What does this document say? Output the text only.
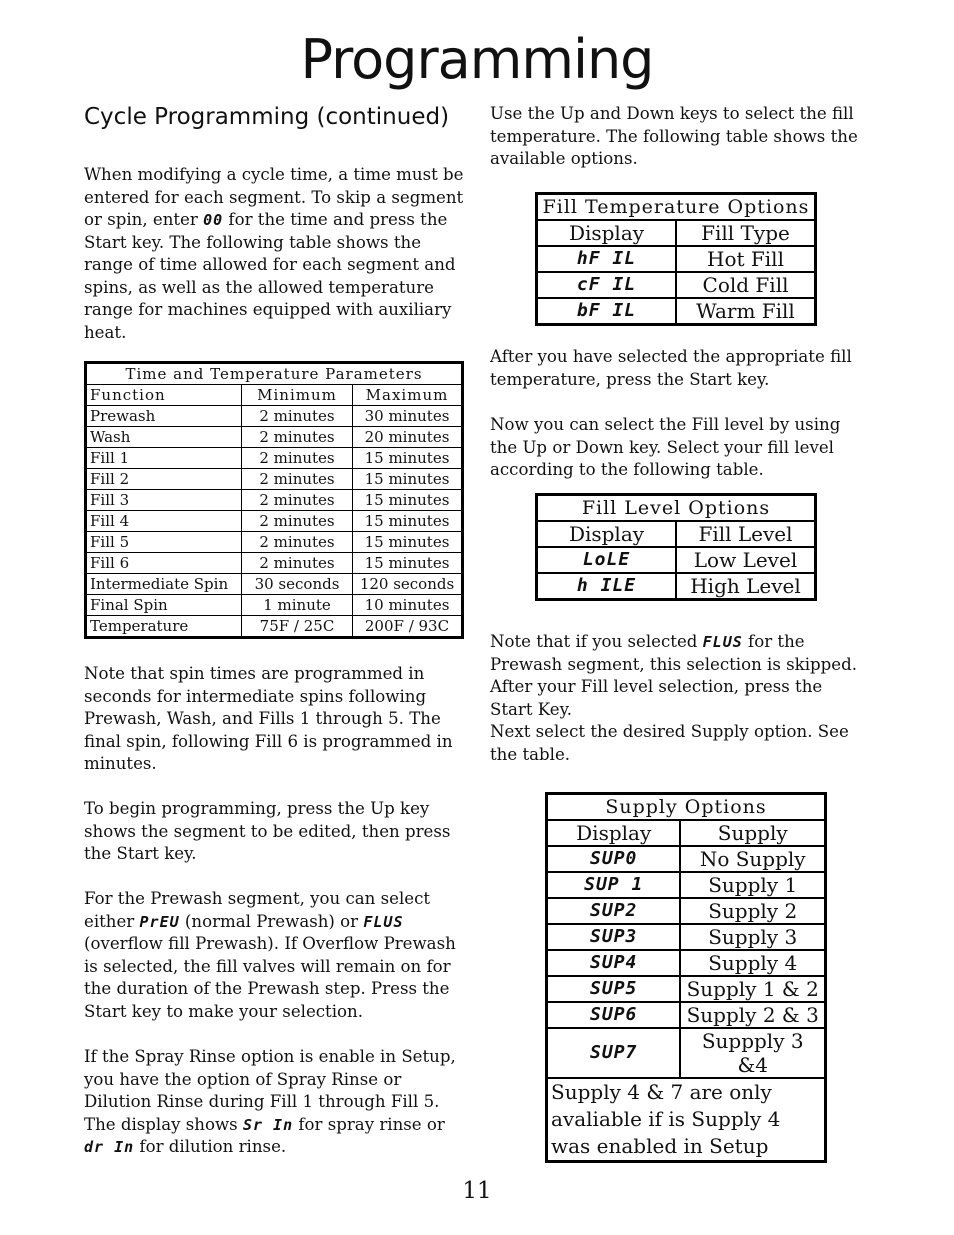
Programming
Cycle Programming (continued)

When modifying a cycle time, a time must be entered for each segment. To skip a segment or spin, enter 00 for the time and press the Start key. The following table shows the range of time allowed for each segment and spins, as well as the allowed temperature range for machines equipped with auxiliary heat.

Time and Temperature Parameters		
Function	Minimum	Maximum
Prewash	2 minutes	30 minutes
Wash	2 minutes	20 minutes
Fill 1	2 minutes	15 minutes
Fill 2	2 minutes	15 minutes
Fill 3	2 minutes	15 minutes
Fill 4	2 minutes	15 minutes
Fill 5	2 minutes	15 minutes
Fill 6	2 minutes	15 minutes
Intermediate Spin	30 seconds	120 seconds
Final Spin	1 minute	10 minutes
Temperature	75F / 25C	200F / 93C

Note that spin times are programmed in seconds for intermediate spins following Prewash, Wash, and Fills 1 through 5. The final spin, following Fill 6 is programmed in minutes.

To begin programming, press the Up key shows the segment to be edited, then press the Start key.

For the Prewash segment, you can select either PrEU (normal Prewash) or FLUS (overflow fill Prewash). If Overflow Prewash is selected, the fill valves will remain on for the duration of the Prewash step. Press the Start key to make your selection.

If the Spray Rinse option is enable in Setup, you have the option of Spray Rinse or Dilution Rinse during Fill 1 through Fill 5. The display shows Sr In for spray rinse or dr In for dilution rinse.

Use the Up and Down keys to select the fill temperature. The following table shows the available options.

Fill Temperature Options	
Display	Fill Type
hF IL	Hot Fill
cF IL	Cold Fill
bF IL	Warm Fill

After you have selected the appropriate fill temperature, press the Start key.

Now you can select the Fill level by using the Up or Down key. Select your fill level according to the following table.

Fill Level Options	
Display	Fill Level
LoLE	Low Level
h ILE	High Level

Note that if you selected FLUS for the Prewash segment, this selection is skipped. After your Fill level selection, press the Start Key.

Next select the desired Supply option. See the table.

Supply Options	
Display	Supply
SUP0	No Supply
SUP 1	Supply 1
SUP2	Supply 2
SUP3	Supply 3
SUP4	Supply 4
SUP5	Supply 1 & 2
SUP6	Supply 2 & 3
SUP7	Suppply 3 &4
Supply 4 & 7 are only avaliable if is Supply 4 was enabled in Setup	

11
